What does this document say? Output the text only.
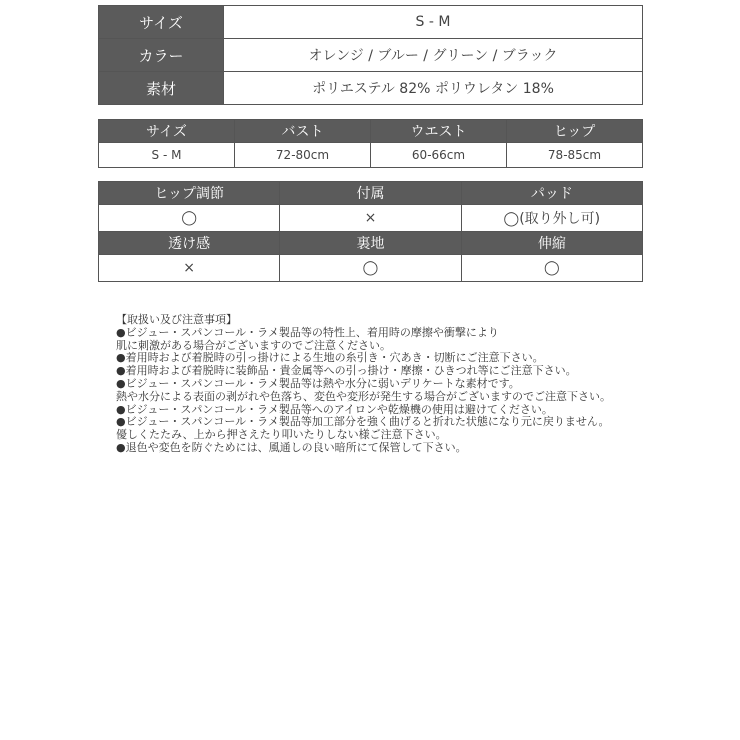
サイズ	S - M
カラー	オレンジ / ブルー / グリーン / ブラック
素材	ポリエステル 82% ポリウレタン 18%
サイズ	バスト	ウエスト	ヒップ
S - M	72-80cm	60-66cm	78-85cm
ヒップ調節	付属	パッド
◯	×	◯(取り外し可)
透け感	裏地	伸縮
×	◯	◯
【取扱い及び注意事項】
●ビジュー・スパンコール・ラメ製品等の特性上、着用時の摩擦や衝撃により
肌に刺激がある場合がございますのでご注意ください。
●着用時および着脱時の引っ掛けによる生地の糸引き・穴あき・切断にご注意下さい。
●着用時および着脱時に装飾品・貴金属等への引っ掛け・摩擦・ひきつれ等にご注意下さい。
●ビジュー・スパンコール・ラメ製品等は熱や水分に弱いデリケートな素材です。
熱や水分による表面の剥がれや色落ち、変色や変形が発生する場合がございますのでご注意下さい。
●ビジュー・スパンコール・ラメ製品等へのアイロンや乾燥機の使用は避けてください。
●ビジュー・スパンコール・ラメ製品等加工部分を強く曲げると折れた状態になり元に戻りません。
優しくたたみ、上から押さえたり叩いたりしない様ご注意下さい。
●退色や変色を防ぐためには、風通しの良い暗所にて保管して下さい。
